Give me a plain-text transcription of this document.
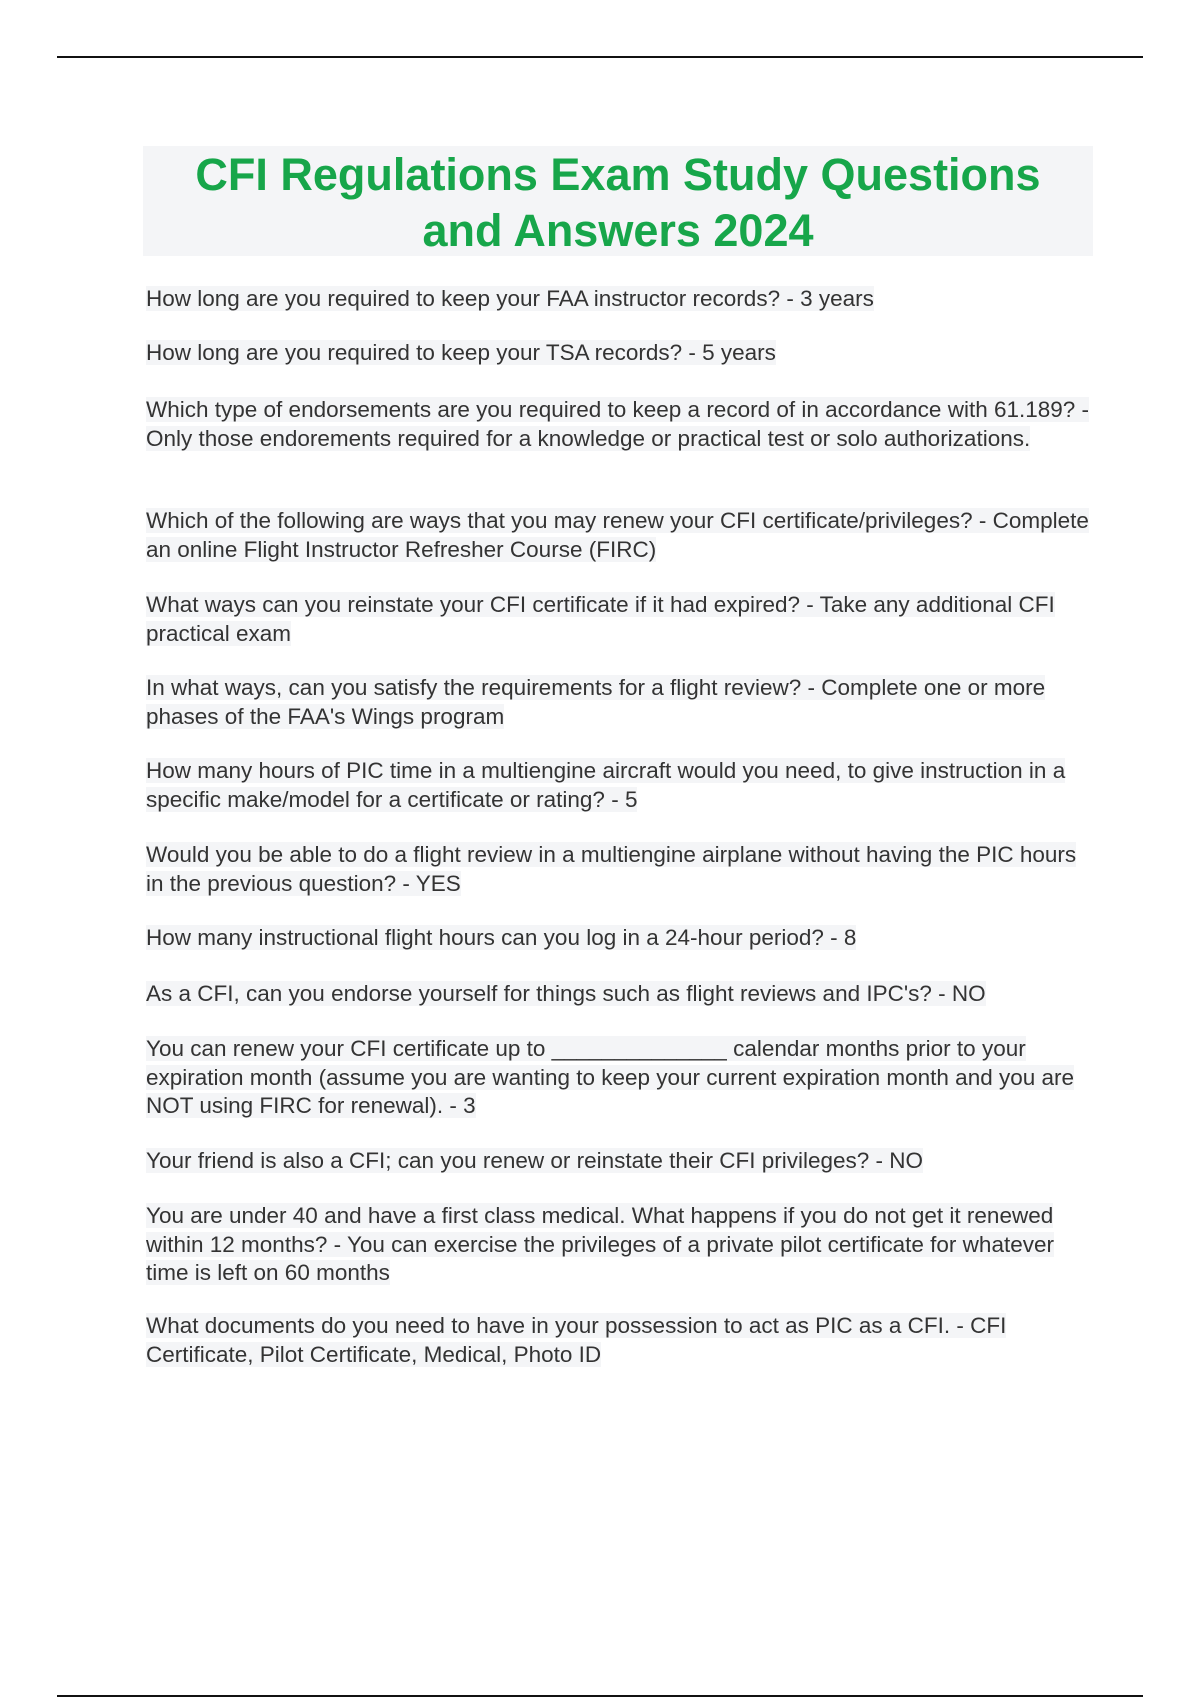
CFI Regulations Exam Study Questions
and Answers 2024
How long are you required to keep your FAA instructor records? - 3 years
How long are you required to keep your TSA records? - 5 years
Which type of endorsements are you required to keep a record of in accordance with 61.189? - Only those endorements required for a knowledge or practical test or solo authorizations.
Which of the following are ways that you may renew your CFI certificate/privileges? - Complete an online Flight Instructor Refresher Course (FIRC)
What ways can you reinstate your CFI certificate if it had expired? - Take any additional CFI practical exam
In what ways, can you satisfy the requirements for a flight review? - Complete one or more phases of the FAA's Wings program
How many hours of PIC time in a multiengine aircraft would you need, to give instruction in a specific make/model for a certificate or rating? - 5
Would you be able to do a flight review in a multiengine airplane without having the PIC hours in the previous question? - YES
How many instructional flight hours can you log in a 24-hour period? - 8
As a CFI, can you endorse yourself for things such as flight reviews and IPC's? - NO
You can renew your CFI certificate up to ______________ calendar months prior to your expiration month (assume you are wanting to keep your current expiration month and you are NOT using FIRC for renewal). - 3
Your friend is also a CFI; can you renew or reinstate their CFI privileges? - NO
You are under 40 and have a first class medical. What happens if you do not get it renewed within 12 months? - You can exercise the privileges of a private pilot certificate for whatever time is left on 60 months
What documents do you need to have in your possession to act as PIC as a CFI. - CFI Certificate, Pilot Certificate, Medical, Photo ID
